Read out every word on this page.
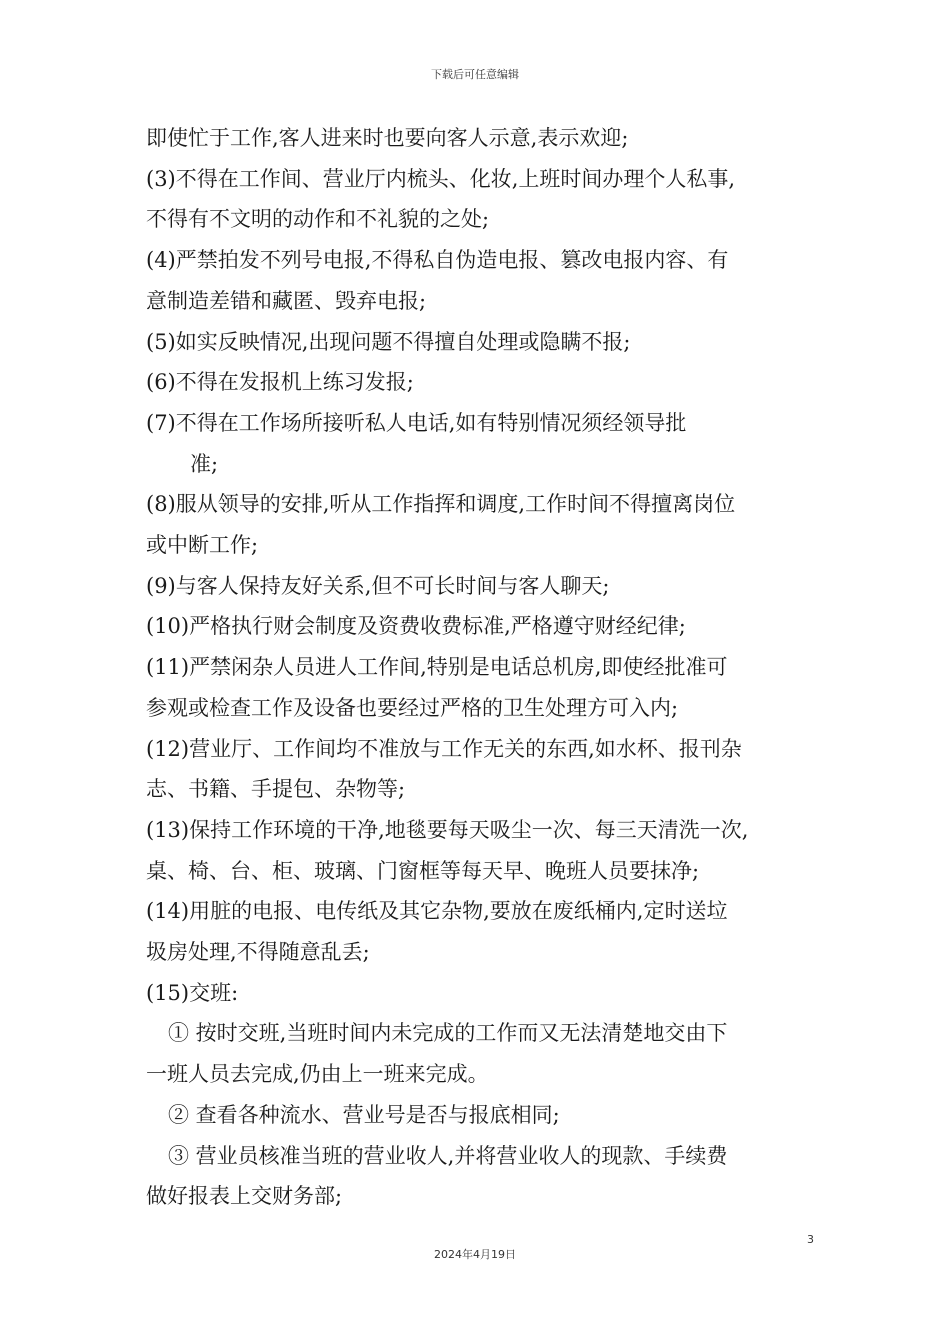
下载后可任意编辑
即使忙于工作,客人进来时也要向客人示意,表示欢迎;
(3)不得在工作间、营业厅内梳头、化妆,上班时间办理个人私事,
不得有不文明的动作和不礼貌的之处;
(4)严禁拍发不列号电报,不得私自伪造电报、篡改电报内容、有
意制造差错和藏匿、毁弃电报;
(5)如实反映情况,出现问题不得擅自处理或隐瞒不报;
(6)不得在发报机上练习发报;
(7)不得在工作场所接听私人电话,如有特别情况须经领导批
准;
(8)服从领导的安排,听从工作指挥和调度,工作时间不得擅离岗位
或中断工作;
(9)与客人保持友好关系,但不可长时间与客人聊天;
(10)严格执行财会制度及资费收费标准,严格遵守财经纪律;
(11)严禁闲杂人员进人工作间,特别是电话总机房,即使经批准可
参观或检查工作及设备也要经过严格的卫生处理方可入内;
(12)营业厅、工作间均不准放与工作无关的东西,如水杯、报刊杂
志、书籍、手提包、杂物等;
(13)保持工作环境的干净,地毯要每天吸尘一次、每三天清洗一次,
桌、椅、台、柜、玻璃、门窗框等每天早、晚班人员要抹净;
(14)用脏的电报、电传纸及其它杂物,要放在废纸桶内,定时送垃
圾房处理,不得随意乱丢;
(15)交班:
① 按时交班,当班时间内未完成的工作而又无法清楚地交由下
一班人员去完成,仍由上一班来完成。
② 查看各种流水、营业号是否与报底相同;
③ 营业员核准当班的营业收人,并将营业收人的现款、手续费
做好报表上交财务部;
3
2024年4月19日
